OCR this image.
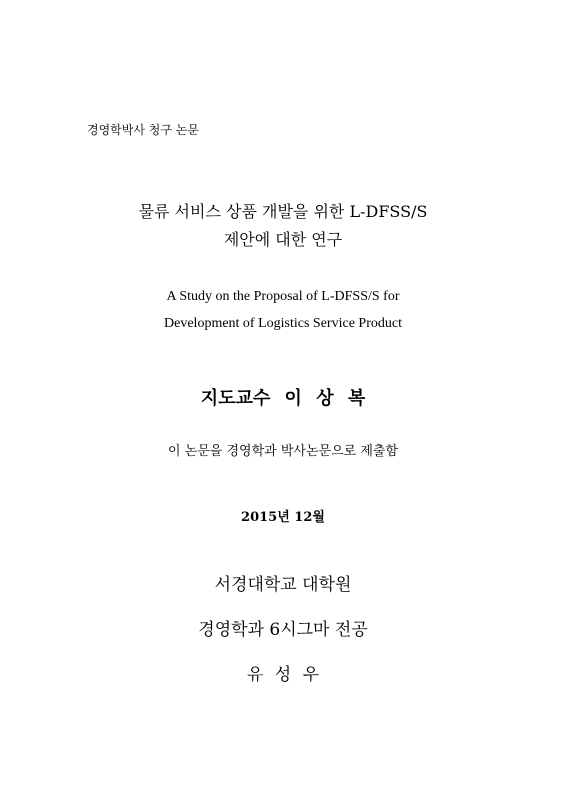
경영학박사 청구 논문
물류 서비스 상품 개발을 위한 L-DFSS/S
제안에 대한 연구
A Study on the Proposal of L-DFSS/S for
Development of Logistics Service Product
지도교수 이 상 복
이 논문을 경영학과 박사논문으로 제출함
2015년 12월
서경대학교 대학원
경영학과 6시그마 전공
유 성 우
